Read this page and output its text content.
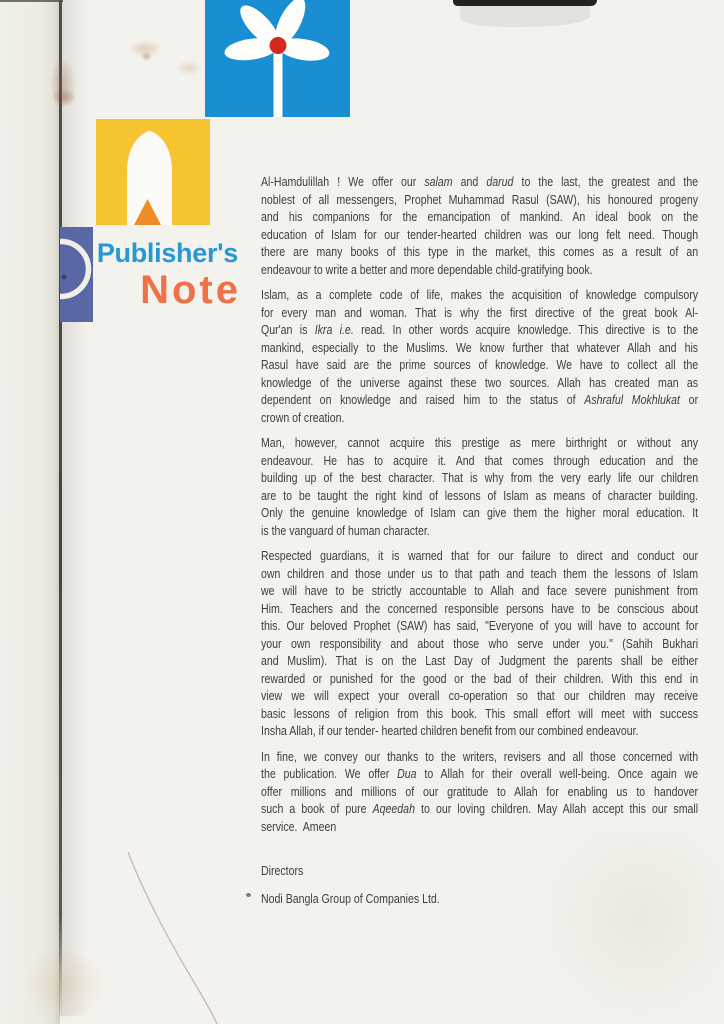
Publisher's
Note
Al-Hamdulillah ! We offer our salam and darud to the last, the greatest and the
noblest of all messengers, Prophet Muhammad Rasul (SAW), his honoured progeny
and his companions for the emancipation of mankind. An ideal book on the
education of Islam for our tender-hearted children was our long felt need. Though
there are many books of this type in the market, this comes as a result of an
endeavour to write a better and more dependable child-gratifying book.
Islam, as a complete code of life, makes the acquisition of knowledge compulsory
for every man and woman. That is why the first directive of the great book Al-
Qur'an is Ikra i.e. read. In other words acquire knowledge. This directive is to the
mankind, especially to the Muslims. We know further that whatever Allah and his
Rasul have said are the prime sources of knowledge. We have to collect all the
knowledge of the universe against these two sources. Allah has created man as
dependent on knowledge and raised him to the status of Ashraful Mokhlukat or
crown of creation.
Man, however, cannot acquire this prestige as mere birthright or without any
endeavour. He has to acquire it. And that comes through education and the
building up of the best character. That is why from the very early life our children
are to be taught the right kind of lessons of Islam as means of character building.
Only the genuine knowledge of Islam can give them the higher moral education. It
is the vanguard of human character.
Respected guardians, it is warned that for our failure to direct and conduct our
own children and those under us to that path and teach them the lessons of Islam
we will have to be strictly accountable to Allah and face severe punishment from
Him. Teachers and the concerned responsible persons have to be conscious about
this. Our beloved Prophet (SAW) has said, "Everyone of you will have to account for
your own responsibility and about those who serve under you." (Sahih Bukhari
and Muslim). That is on the Last Day of Judgment the parents shall be either
rewarded or punished for the good or the bad of their children. With this end in
view we will expect your overall co-operation so that our children may receive
basic lessons of religion from this book. This small effort will meet with success
Insha Allah, if our tender- hearted children benefit from our combined endeavour.
In fine, we convey our thanks to the writers, revisers and all those concerned with
the publication. We offer Dua to Allah for their overall well-being. Once again we
offer millions and millions of our gratitude to Allah for enabling us to handover
such a book of pure Aqeedah to our loving children. May Allah accept this our small
service.  Ameen
Directors
Nodi Bangla Group of Companies Ltd.
